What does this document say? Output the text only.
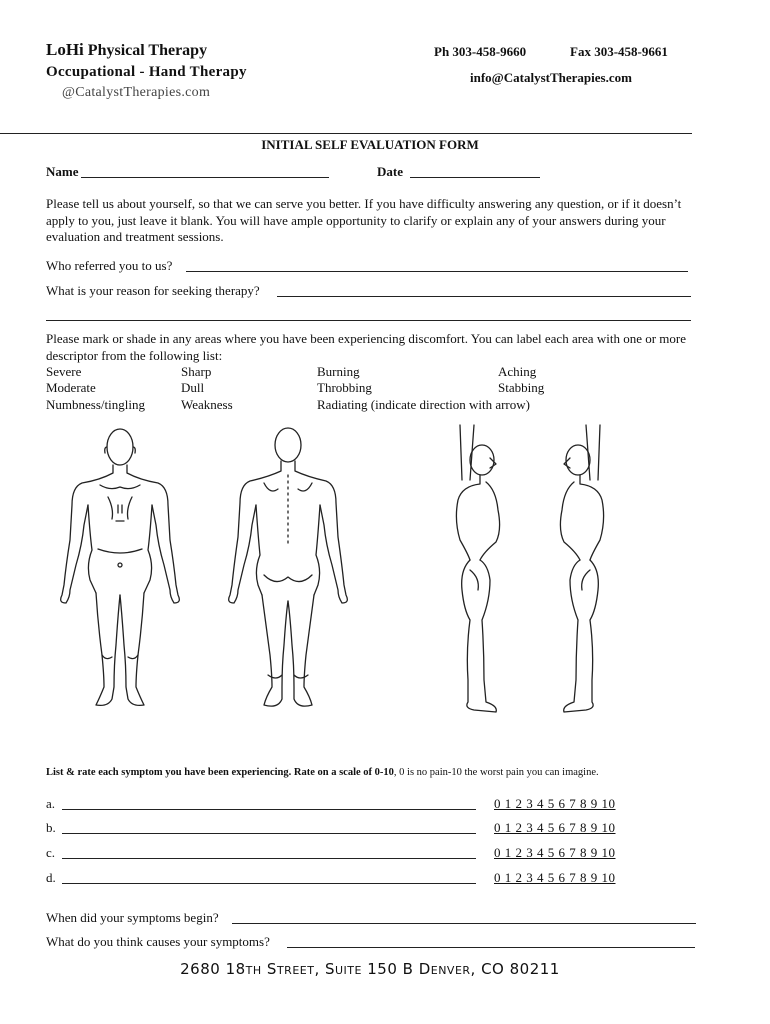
LoHi Physical Therapy
Occupational - Hand Therapy
@CatalystTherapies.com
Ph 303-458-9660	Fax 303-458-9661
info@CatalystTherapies.com
INITIAL SELF EVALUATION FORM
Name	Date
Please tell us about yourself, so that we can serve you better. If you have difficulty answering any question, or if it doesn’t apply to you, just leave it blank. You will have ample opportunity to clarify or explain any of your answers during your evaluation and treatment sessions.
Who referred you to us?
What is your reason for seeking therapy?
Please mark or shade in any areas where you have been experiencing discomfort. You can label each area with one or more descriptor from the following list:
Severe	Sharp	Burning	Aching
Moderate	Dull	Throbbing	Stabbing
Numbness/tingling	Weakness	Radiating (indicate direction with arrow)
List & rate each symptom you have been experiencing. Rate on a scale of 0-10, 0 is no pain-10 the worst pain you can imagine.
a.	0 1 2 3 4 5 6 7 8 9 10
b.	0 1 2 3 4 5 6 7 8 9 10
c.	0 1 2 3 4 5 6 7 8 9 10
d.	0 1 2 3 4 5 6 7 8 9 10
When did your symptoms begin?
What do you think causes your symptoms?
2680 18TH STREET, SUITE 150 B DENVER, CO 80211
